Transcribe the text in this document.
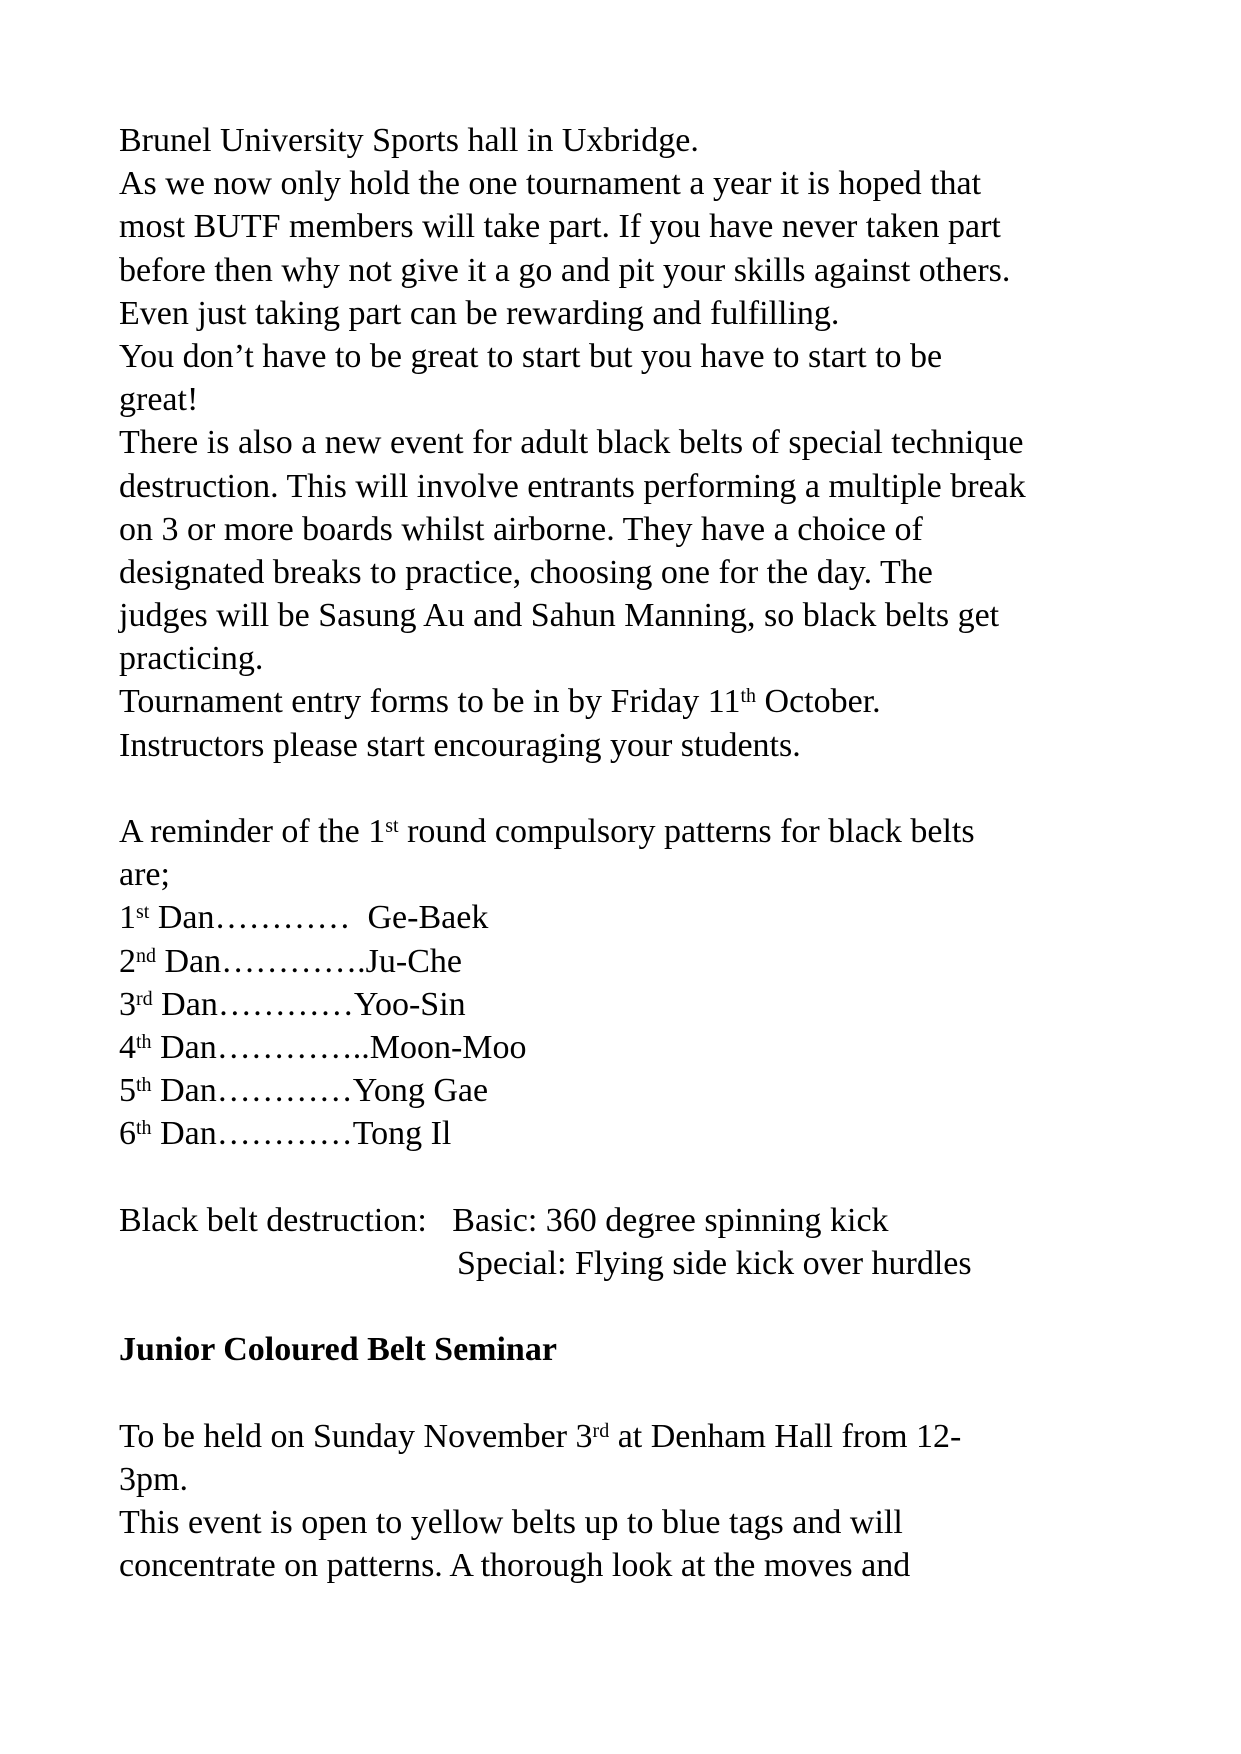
Brunel University Sports hall in Uxbridge.
As we now only hold the one tournament a year it is hoped that
most BUTF members will take part. If you have never taken part
before then why not give it a go and pit your skills against others.
Even just taking part can be rewarding and fulfilling.
You don’t have to be great to start but you have to start to be
great!
There is also a new event for adult black belts of special technique
destruction. This will involve entrants performing a multiple break
on 3 or more boards whilst airborne. They have a choice of
designated breaks to practice, choosing one for the day. The
judges will be Sasung Au and Sahun Manning, so black belts get
practicing.
Tournament entry forms to be in by Friday 11th October.
Instructors please start encouraging your students.
A reminder of the 1st round compulsory patterns for black belts
are;
1st Dan…………  Ge-Baek
2nd Dan………….Ju-Che
3rd Dan…………Yoo-Sin
4th Dan…………..Moon-Moo
5th Dan…………Yong Gae
6th Dan…………Tong Il
Black belt destruction:   Basic: 360 degree spinning kick
Special: Flying side kick over hurdles
Junior Coloured Belt Seminar
To be held on Sunday November 3rd at Denham Hall from 12-
3pm.
This event is open to yellow belts up to blue tags and will
concentrate on patterns. A thorough look at the moves and
